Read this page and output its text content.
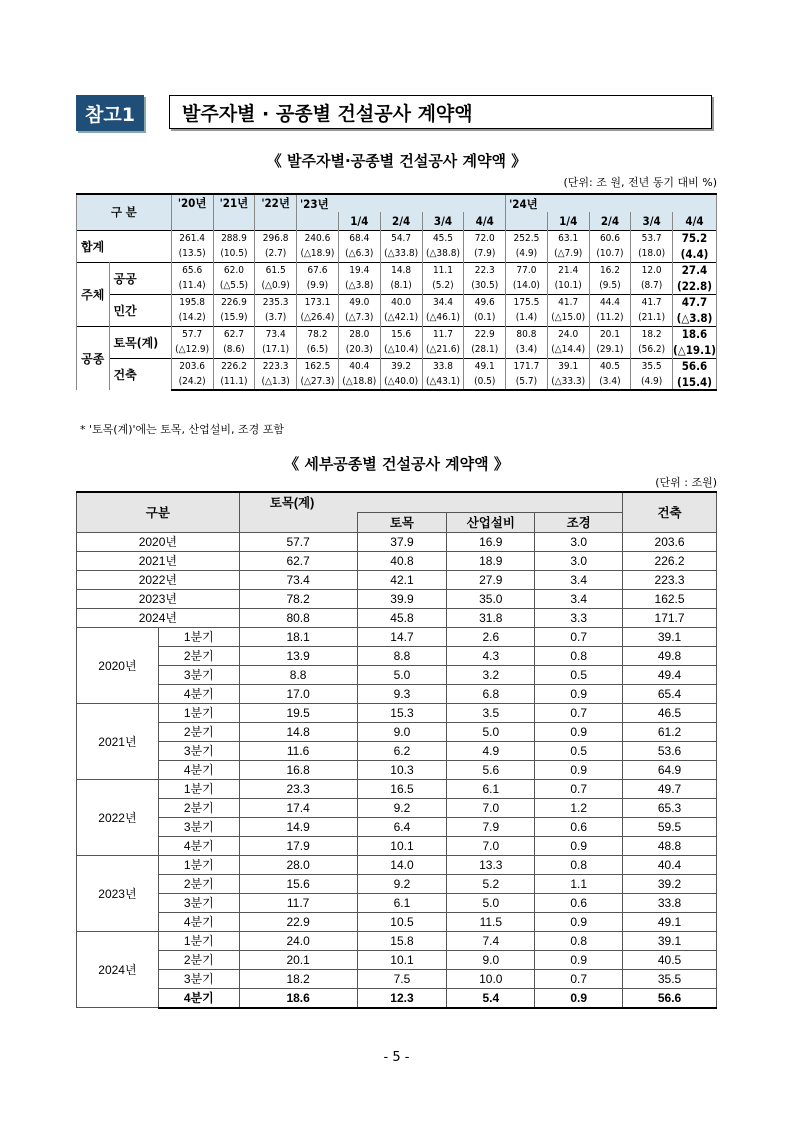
참고1	발주자별 · 공종별 건설공사 계약액
《 발주자별·공종별 건설공사 계약액 》
(단위: 조 원, 전년 동기 대비 %)
구 분		'20년	'21년	'22년	'23년					'24년				
						1/4	2/4	3/4	4/4		1/4	2/4	3/4	4/4
합계		261.4	288.9	296.8	240.6	68.4	54.7	45.5	72.0	252.5	63.1	60.6	53.7	75.2
		(13.5)	(10.5)	(2.7)	(△18.9)	(△6.3)	(△33.8)	(△38.8)	(7.9)	(4.9)	(△7.9)	(10.7)	(18.0)	(4.4)
주체	공공	65.6	62.0	61.5	67.6	19.4	14.8	11.1	22.3	77.0	21.4	16.2	12.0	27.4
		(11.4)	(△5.5)	(△0.9)	(9.9)	(△3.8)	(8.1)	(5.2)	(30.5)	(14.0)	(10.1)	(9.5)	(8.7)	(22.8)
	민간	195.8	226.9	235.3	173.1	49.0	40.0	34.4	49.6	175.5	41.7	44.4	41.7	47.7
		(14.2)	(15.9)	(3.7)	(△26.4)	(△7.3)	(△42.1)	(△46.1)	(0.1)	(1.4)	(△15.0)	(11.2)	(21.1)	(△3.8)
공종	토목(계)	57.7	62.7	73.4	78.2	28.0	15.6	11.7	22.9	80.8	24.0	20.1	18.2	18.6
		(△12.9)	(8.6)	(17.1)	(6.5)	(20.3)	(△10.4)	(△21.6)	(28.1)	(3.4)	(△14.4)	(29.1)	(56.2)	(△19.1)
	건축	203.6	226.2	223.3	162.5	40.4	39.2	33.8	49.1	171.7	39.1	40.5	35.5	56.6
		(24.2)	(11.1)	(△1.3)	(△27.3)	(△18.8)	(△40.0)	(△43.1)	(0.5)	(5.7)	(△33.3)	(3.4)	(4.9)	(15.4)
* '토목(계)'에는 토목, 산업설비, 조경 포함
《 세부공종별 건설공사 계약액 》
(단위 : 조원)
구분		토목(계)				건축
			토목	산업설비	조경	
2020년		57.7	37.9	16.9	3.0	203.6
2021년		62.7	40.8	18.9	3.0	226.2
2022년		73.4	42.1	27.9	3.4	223.3
2023년		78.2	39.9	35.0	3.4	162.5
2024년		80.8	45.8	31.8	3.3	171.7
2020년	1분기	18.1	14.7	2.6	0.7	39.1
	2분기	13.9	8.8	4.3	0.8	49.8
	3분기	8.8	5.0	3.2	0.5	49.4
	4분기	17.0	9.3	6.8	0.9	65.4
2021년	1분기	19.5	15.3	3.5	0.7	46.5
	2분기	14.8	9.0	5.0	0.9	61.2
	3분기	11.6	6.2	4.9	0.5	53.6
	4분기	16.8	10.3	5.6	0.9	64.9
2022년	1분기	23.3	16.5	6.1	0.7	49.7
	2분기	17.4	9.2	7.0	1.2	65.3
	3분기	14.9	6.4	7.9	0.6	59.5
	4분기	17.9	10.1	7.0	0.9	48.8
2023년	1분기	28.0	14.0	13.3	0.8	40.4
	2분기	15.6	9.2	5.2	1.1	39.2
	3분기	11.7	6.1	5.0	0.6	33.8
	4분기	22.9	10.5	11.5	0.9	49.1
2024년	1분기	24.0	15.8	7.4	0.8	39.1
	2분기	20.1	10.1	9.0	0.9	40.5
	3분기	18.2	7.5	10.0	0.7	35.5
	4분기	18.6	12.3	5.4	0.9	56.6
- 5 -
